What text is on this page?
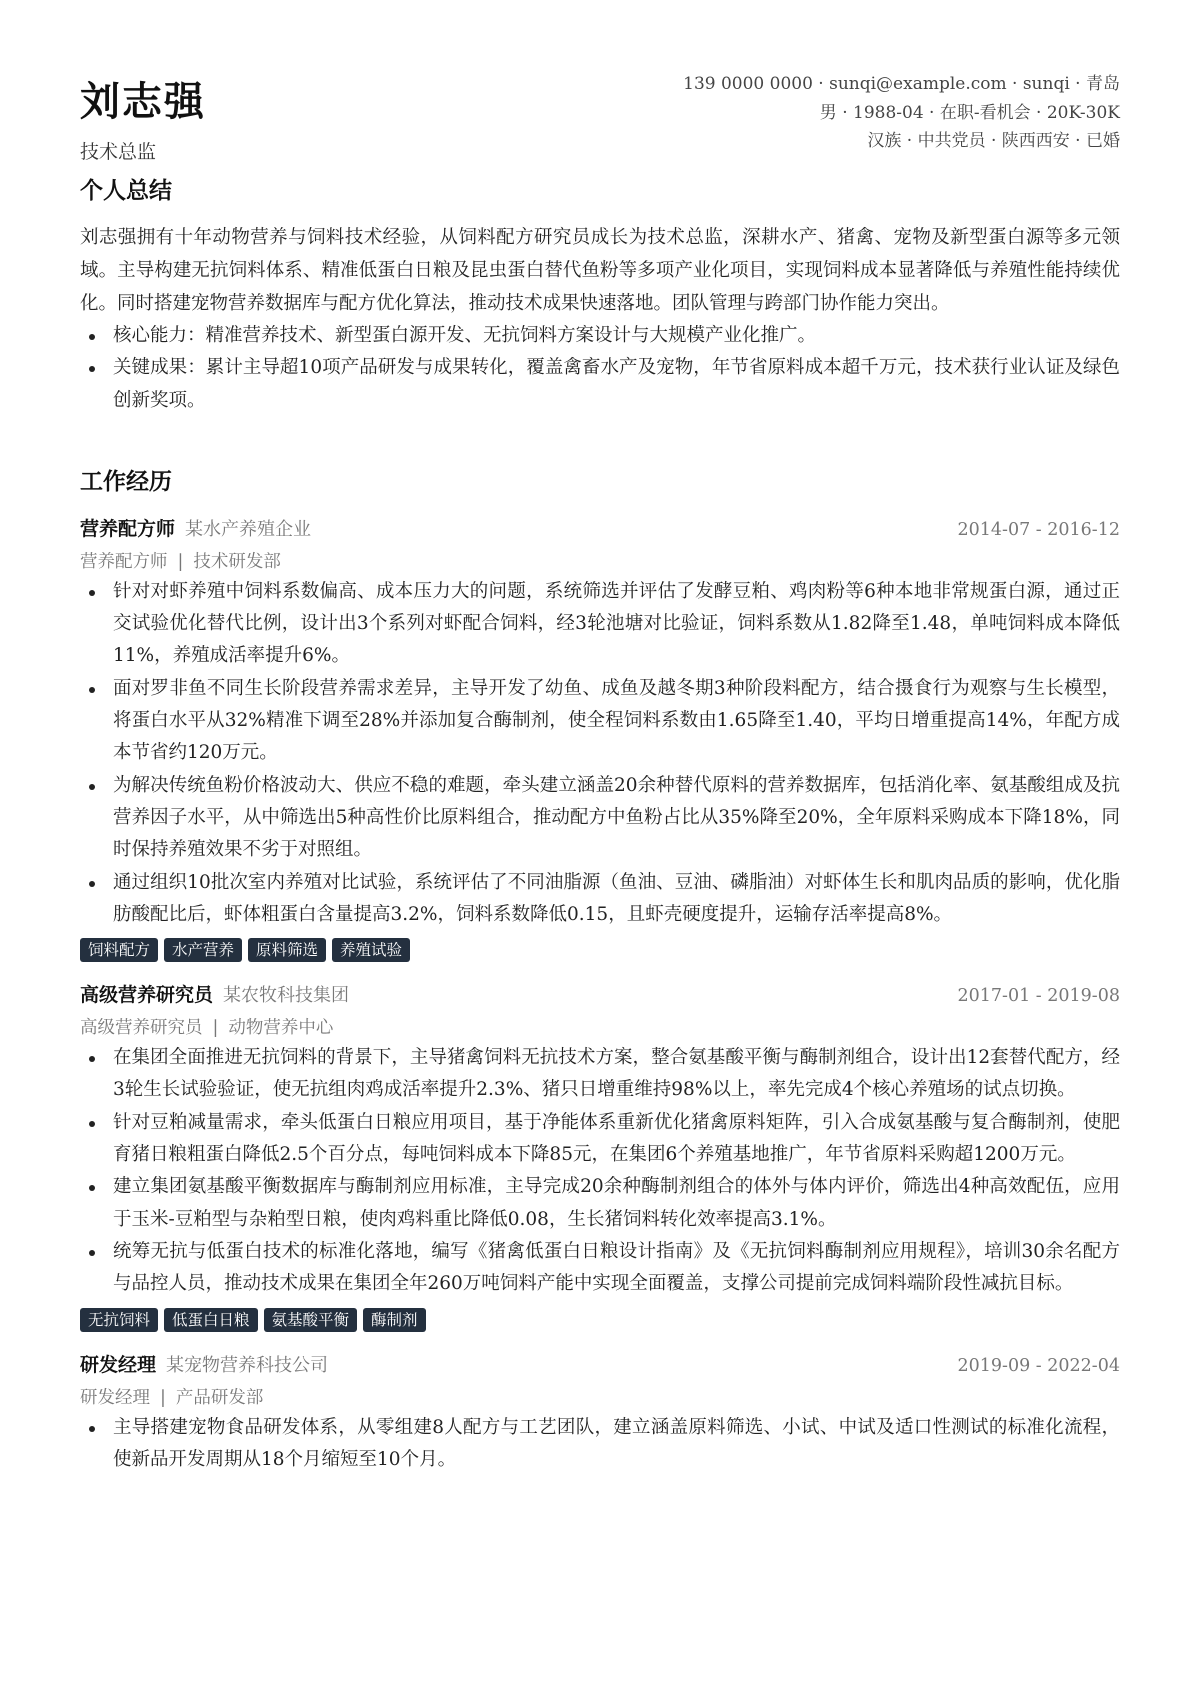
刘志强	139 0000 0000 · sunqi@example.com · sunqi · 青岛
男 · 1988-04 · 在职-看机会 · 20K-30K
汉族 · 中共党员 · 陕西西安 · 已婚
技术总监
个人总结
刘志强拥有十年动物营养与饲料技术经验，从饲料配方研究员成长为技术总监，深耕水产、猪禽、宠物及新型蛋白源等多元领域。主导构建无抗饲料体系、精准低蛋白日粮及昆虫蛋白替代鱼粉等多项产业化项目，实现饲料成本显著降低与养殖性能持续优化。同时搭建宠物营养数据库与配方优化算法，推动技术成果快速落地。团队管理与跨部门协作能力突出。
核心能力：精准营养技术、新型蛋白源开发、无抗饲料方案设计与大规模产业化推广。
关键成果：累计主导超10项产品研发与成果转化，覆盖禽畜水产及宠物，年节省原料成本超千万元，技术获行业认证及绿色创新奖项。
工作经历
营养配方师 某水产养殖企业	2014-07 - 2016-12
营养配方师 | 技术研发部
针对对虾养殖中饲料系数偏高、成本压力大的问题，系统筛选并评估了发酵豆粕、鸡肉粉等6种本地非常规蛋白源，通过正交试验优化替代比例，设计出3个系列对虾配合饲料，经3轮池塘对比验证，饲料系数从1.82降至1.48，单吨饲料成本降低11%，养殖成活率提升6%。
面对罗非鱼不同生长阶段营养需求差异，主导开发了幼鱼、成鱼及越冬期3种阶段料配方，结合摄食行为观察与生长模型，将蛋白水平从32%精准下调至28%并添加复合酶制剂，使全程饲料系数由1.65降至1.40，平均日增重提高14%，年配方成本节省约120万元。
为解决传统鱼粉价格波动大、供应不稳的难题，牵头建立涵盖20余种替代原料的营养数据库，包括消化率、氨基酸组成及抗营养因子水平，从中筛选出5种高性价比原料组合，推动配方中鱼粉占比从35%降至20%，全年原料采购成本下降18%，同时保持养殖效果不劣于对照组。
通过组织10批次室内养殖对比试验，系统评估了不同油脂源（鱼油、豆油、磷脂油）对虾体生长和肌肉品质的影响，优化脂肪酸配比后，虾体粗蛋白含量提高3.2%，饲料系数降低0.15，且虾壳硬度提升，运输存活率提高8%。
饲料配方	水产营养	原料筛选	养殖试验
高级营养研究员 某农牧科技集团	2017-01 - 2019-08
高级营养研究员 | 动物营养中心
在集团全面推进无抗饲料的背景下，主导猪禽饲料无抗技术方案，整合氨基酸平衡与酶制剂组合，设计出12套替代配方，经3轮生长试验验证，使无抗组肉鸡成活率提升2.3%、猪只日增重维持98%以上，率先完成4个核心养殖场的试点切换。
针对豆粕减量需求，牵头低蛋白日粮应用项目，基于净能体系重新优化猪禽原料矩阵，引入合成氨基酸与复合酶制剂，使肥育猪日粮粗蛋白降低2.5个百分点，每吨饲料成本下降85元，在集团6个养殖基地推广，年节省原料采购超1200万元。
建立集团氨基酸平衡数据库与酶制剂应用标准，主导完成20余种酶制剂组合的体外与体内评价，筛选出4种高效配伍，应用于玉米-豆粕型与杂粕型日粮，使肉鸡料重比降低0.08，生长猪饲料转化效率提高3.1%。
统筹无抗与低蛋白技术的标准化落地，编写《猪禽低蛋白日粮设计指南》及《无抗饲料酶制剂应用规程》，培训30余名配方与品控人员，推动技术成果在集团全年260万吨饲料产能中实现全面覆盖，支撑公司提前完成饲料端阶段性减抗目标。
无抗饲料	低蛋白日粮	氨基酸平衡	酶制剂
研发经理 某宠物营养科技公司	2019-09 - 2022-04
研发经理 | 产品研发部
主导搭建宠物食品研发体系，从零组建8人配方与工艺团队，建立涵盖原料筛选、小试、中试及适口性测试的标准化流程，使新品开发周期从18个月缩短至10个月。
